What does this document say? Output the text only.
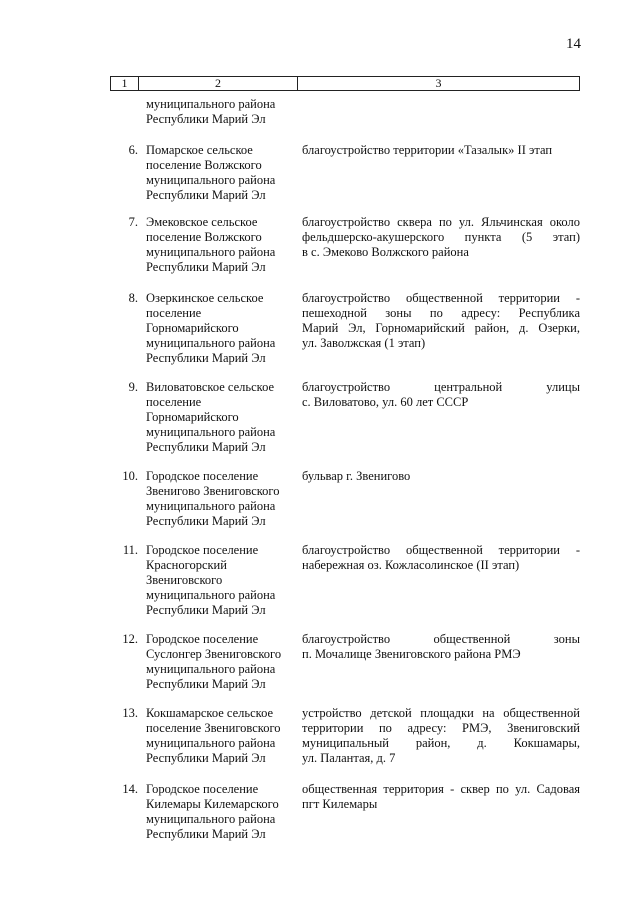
14
1	2	3
муниципального района
Республики Марий Эл
6. Помарское сельское
поселение Волжского
муниципального района
Республики Марий Эл
благоустройство территории «Тазалык» II этап
7. Эмековское сельское
поселение Волжского
муниципального района
Республики Марий Эл
благоустройство сквера по ул. Яльчинская около
фельдшерско-акушерского пункта (5 этап)
в с. Эмеково Волжского района
8. Озеркинское сельское
поселение
Горномарийского
муниципального района
Республики Марий Эл
благоустройство общественной территории -
пешеходной зоны по адресу: Республика
Марий Эл, Горномарийский район, д. Озерки,
ул. Заволжская (1 этап)
9. Виловатовское сельское
поселение
Горномарийского
муниципального района
Республики Марий Эл
благоустройство центральной улицы
с. Виловатово, ул. 60 лет СССР
10. Городское поселение
Звенигово Звениговского
муниципального района
Республики Марий Эл
бульвар г. Звенигово
11. Городское поселение
Красногорский
Звениговского
муниципального района
Республики Марий Эл
благоустройство общественной территории -
набережная оз. Кожласолинское (II этап)
12. Городское поселение
Суслонгер Звениговского
муниципального района
Республики Марий Эл
благоустройство общественной зоны
п. Мочалище Звениговского района РМЭ
13. Кокшамарское сельское
поселение Звениговского
муниципального района
Республики Марий Эл
устройство детской площадки на общественной
территории по адресу: РМЭ, Звениговский
муниципальный район, д. Кокшамары,
ул. Палантая, д. 7
14. Городское поселение
Килемары Килемарского
муниципального района
Республики Марий Эл
общественная территория - сквер по ул. Садовая
пгт Килемары
